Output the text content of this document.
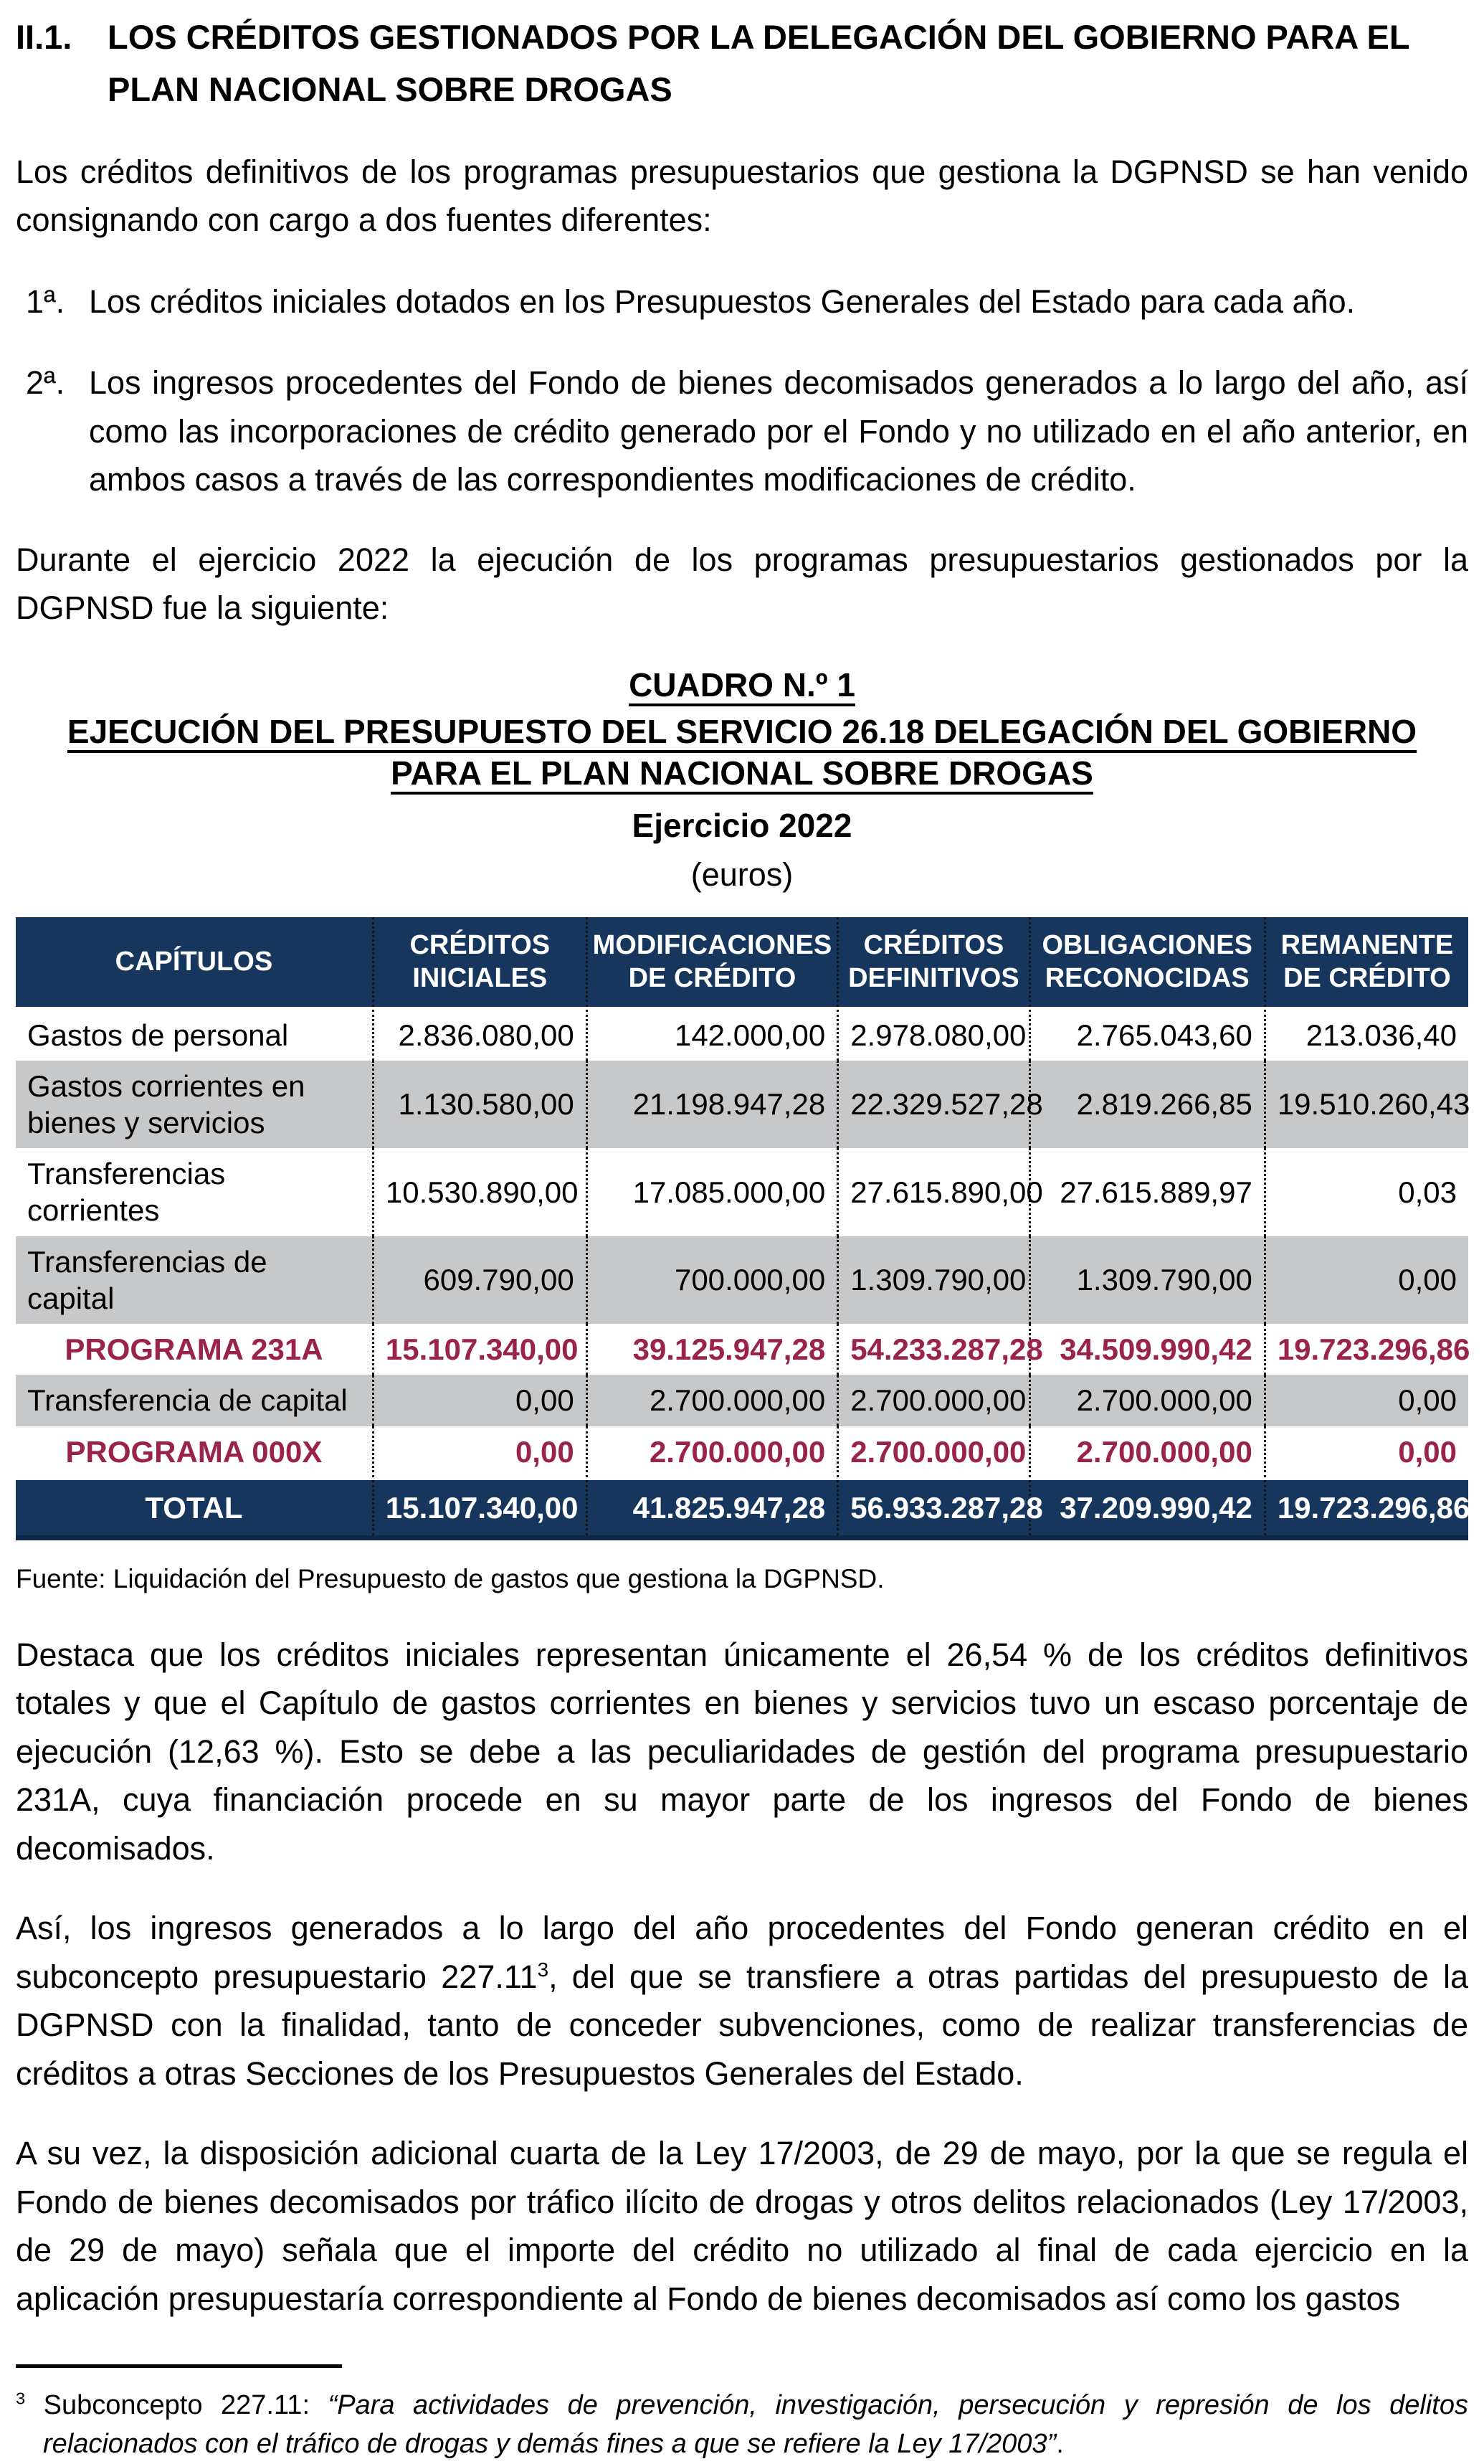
II.1.	LOS CRÉDITOS GESTIONADOS POR LA DELEGACIÓN DEL GOBIERNO PARA EL PLAN NACIONAL SOBRE DROGAS

Los créditos definitivos de los programas presupuestarios que gestiona la DGPNSD se han venido consignando con cargo a dos fuentes diferentes:

1ª. Los créditos iniciales dotados en los Presupuestos Generales del Estado para cada año.
2ª. Los ingresos procedentes del Fondo de bienes decomisados generados a lo largo del año, así como las incorporaciones de crédito generado por el Fondo y no utilizado en el año anterior, en ambos casos a través de las correspondientes modificaciones de crédito.

Durante el ejercicio 2022 la ejecución de los programas presupuestarios gestionados por la DGPNSD fue la siguiente:

CUADRO N.º 1
EJECUCIÓN DEL PRESUPUESTO DEL SERVICIO 26.18 DELEGACIÓN DEL GOBIERNO PARA EL PLAN NACIONAL SOBRE DROGAS
Ejercicio 2022
(euros)
CAPÍTULOS	CRÉDITOS INICIALES	MODIFICACIONES DE CRÉDITO	CRÉDITOS DEFINITIVOS	OBLIGACIONES RECONOCIDAS	REMANENTE DE CRÉDITO
Gastos de personal	2.836.080,00	142.000,00	2.978.080,00	2.765.043,60	213.036,40
Gastos corrientes en bienes y servicios	1.130.580,00	21.198.947,28	22.329.527,28	2.819.266,85	19.510.260,43
Transferencias corrientes	10.530.890,00	17.085.000,00	27.615.890,00	27.615.889,97	0,03
Transferencias de capital	609.790,00	700.000,00	1.309.790,00	1.309.790,00	0,00
PROGRAMA 231A	15.107.340,00	39.125.947,28	54.233.287,28	34.509.990,42	19.723.296,86
Transferencia de capital	0,00	2.700.000,00	2.700.000,00	2.700.000,00	0,00
PROGRAMA 000X	0,00	2.700.000,00	2.700.000,00	2.700.000,00	0,00
TOTAL	15.107.340,00	41.825.947,28	56.933.287,28	37.209.990,42	19.723.296,86

Fuente: Liquidación del Presupuesto de gastos que gestiona la DGPNSD.

Destaca que los créditos iniciales representan únicamente el 26,54 % de los créditos definitivos totales y que el Capítulo de gastos corrientes en bienes y servicios tuvo un escaso porcentaje de ejecución (12,63 %). Esto se debe a las peculiaridades de gestión del programa presupuestario 231A, cuya financiación procede en su mayor parte de los ingresos del Fondo de bienes decomisados.

Así, los ingresos generados a lo largo del año procedentes del Fondo generan crédito en el subconcepto presupuestario 227.11$^3$, del que se transfiere a otras partidas del presupuesto de la DGPNSD con la finalidad, tanto de conceder subvenciones, como de realizar transferencias de créditos a otras Secciones de los Presupuestos Generales del Estado.

A su vez, la disposición adicional cuarta de la Ley 17/2003, de 29 de mayo, por la que se regula el Fondo de bienes decomisados por tráfico ilícito de drogas y otros delitos relacionados (Ley 17/2003, de 29 de mayo) señala que el importe del crédito no utilizado al final de cada ejercicio en la aplicación presupuestaría correspondiente al Fondo de bienes decomisados así como los gastos

$^3$ Subconcepto 227.11: “Para actividades de prevención, investigación, persecución y represión de los delitos relacionados con el tráfico de drogas y demás fines a que se refiere la Ley 17/2003”.
